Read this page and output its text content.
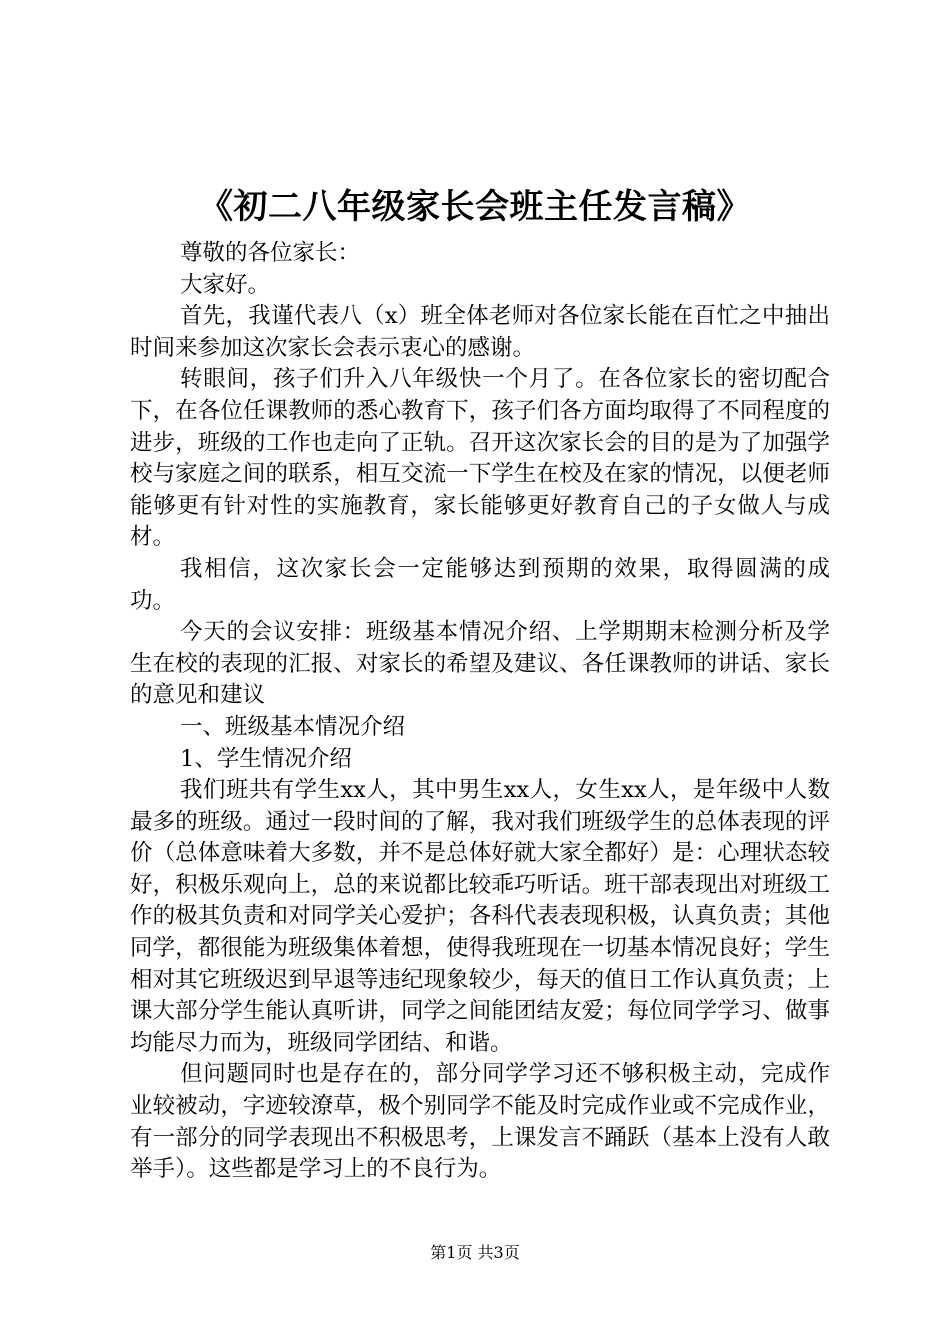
《初二八年级家长会班主任发言稿》

尊敬的各位家长：

大家好。

首先，我谨代表八（x）班全体老师对各位家长能在百忙之中抽出时间来参加这次家长会表示衷心的感谢。

转眼间，孩子们升入八年级快一个月了。在各位家长的密切配合下，在各位任课教师的悉心教育下，孩子们各方面均取得了不同程度的进步，班级的工作也走向了正轨。召开这次家长会的目的是为了加强学校与家庭之间的联系，相互交流一下学生在校及在家的情况，以便老师能够更有针对性的实施教育，家长能够更好教育自己的子女做人与成材。

我相信，这次家长会一定能够达到预期的效果，取得圆满的成功。

今天的会议安排：班级基本情况介绍、上学期期末检测分析及学生在校的表现的汇报、对家长的希望及建议、各任课教师的讲话、家长的意见和建议

一、班级基本情况介绍

1、学生情况介绍

我们班共有学生xx人，其中男生xx人，女生xx人，是年级中人数最多的班级。通过一段时间的了解，我对我们班级学生的总体表现的评价（总体意味着大多数，并不是总体好就大家全都好）是：心理状态较好，积极乐观向上，总的来说都比较乖巧听话。班干部表现出对班级工作的极其负责和对同学关心爱护；各科代表表现积极，认真负责；其他同学，都很能为班级集体着想，使得我班现在一切基本情况良好；学生相对其它班级迟到早退等违纪现象较少，每天的值日工作认真负责；上课大部分学生能认真听讲，同学之间能团结友爱；每位同学学习、做事均能尽力而为，班级同学团结、和谐。

但问题同时也是存在的，部分同学学习还不够积极主动，完成作业较被动，字迹较潦草，极个别同学不能及时完成作业或不完成作业，有一部分的同学表现出不积极思考，上课发言不踊跃（基本上没有人敢举手）。这些都是学习上的不良行为。

第1页 共3页
